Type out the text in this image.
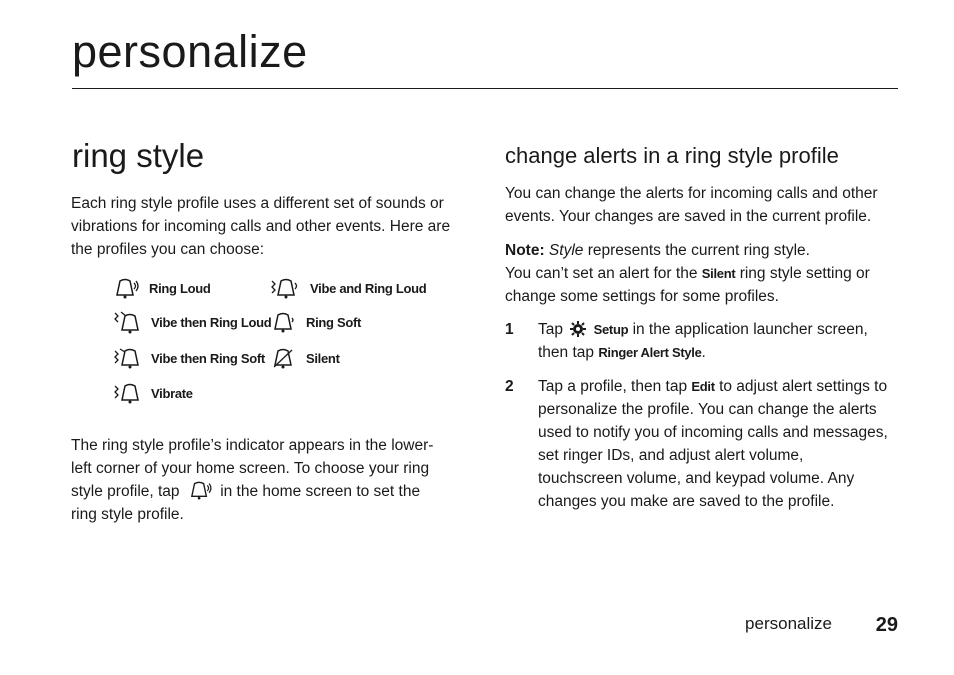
personalize
ring style

Each ring style profile uses a different set of sounds or vibrations for incoming calls and other events. Here are the profiles you can choose:

Ring Loud	Vibe and Ring Loud
Vibe then Ring Loud	Ring Soft
Vibe then Ring Soft	Silent
Vibrate

The ring style profile’s indicator appears in the lower-left corner of your home screen. To choose your ring style profile, tap	in the home screen to set the ring style profile.

change alerts in a ring style profile

You can change the alerts for incoming calls and other events. Your changes are saved in the current profile.

Note: Style represents the current ring style.
You can’t set an alert for the Silent ring style setting or change some settings for some profiles.

1	Tap Setup in the application launcher screen, then tap Ringer Alert Style.
2	Tap a profile, then tap Edit to adjust alert settings to personalize the profile. You can change the alerts used to notify you of incoming calls and messages, set ringer IDs, and adjust alert volume, touchscreen volume, and keypad volume. Any changes you make are saved to the profile.
personalize 29
